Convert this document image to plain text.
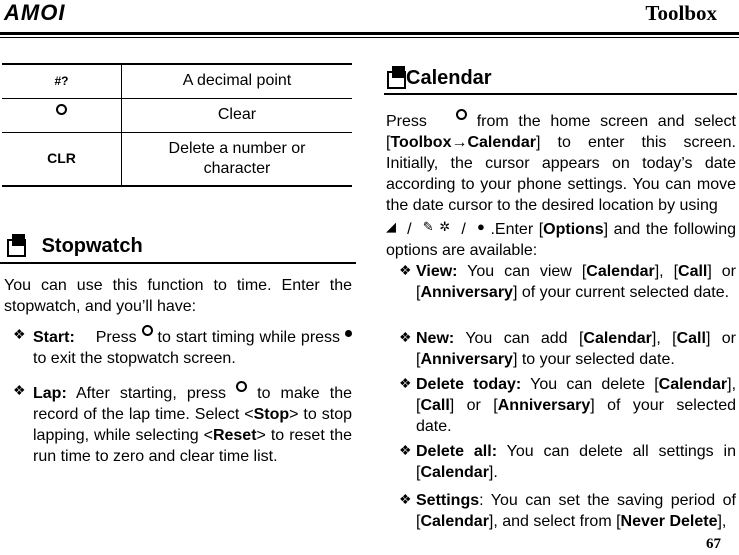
AMOI	Toolbox
#?	A decimal point
	Clear
CLR	Delete a number or character
Stopwatch
You can use this function to time. Enter the stopwatch, and you’ll have:
❖ Start: Press to start timing while press to exit the stopwatch screen.
❖ Lap: After starting, press to make the record of the lap time. Select <Stop> to stop lapping, while selecting <Reset> to reset the run time to zero and clear time list.
Calendar
Press	from the home screen and select [Toolbox→Calendar] to enter this screen. Initially, the cursor appears on today’s date according to your phone settings. You can move the date cursor to the desired location by using
◢ / ✎ ✲ / ● .Enter [Options] and the following options are available:
❖ View: You can view [Calendar], [Call] or [Anniversary] of your current selected date.
❖ New: You can add [Calendar], [Call] or [Anniversary] to your selected date.
❖ Delete today: You can delete [Calendar], [Call] or [Anniversary] of your selected date.
❖ Delete all: You can delete all settings in [Calendar].
❖ Settings: You can set the saving period of [Calendar], and select from [Never Delete],
67
